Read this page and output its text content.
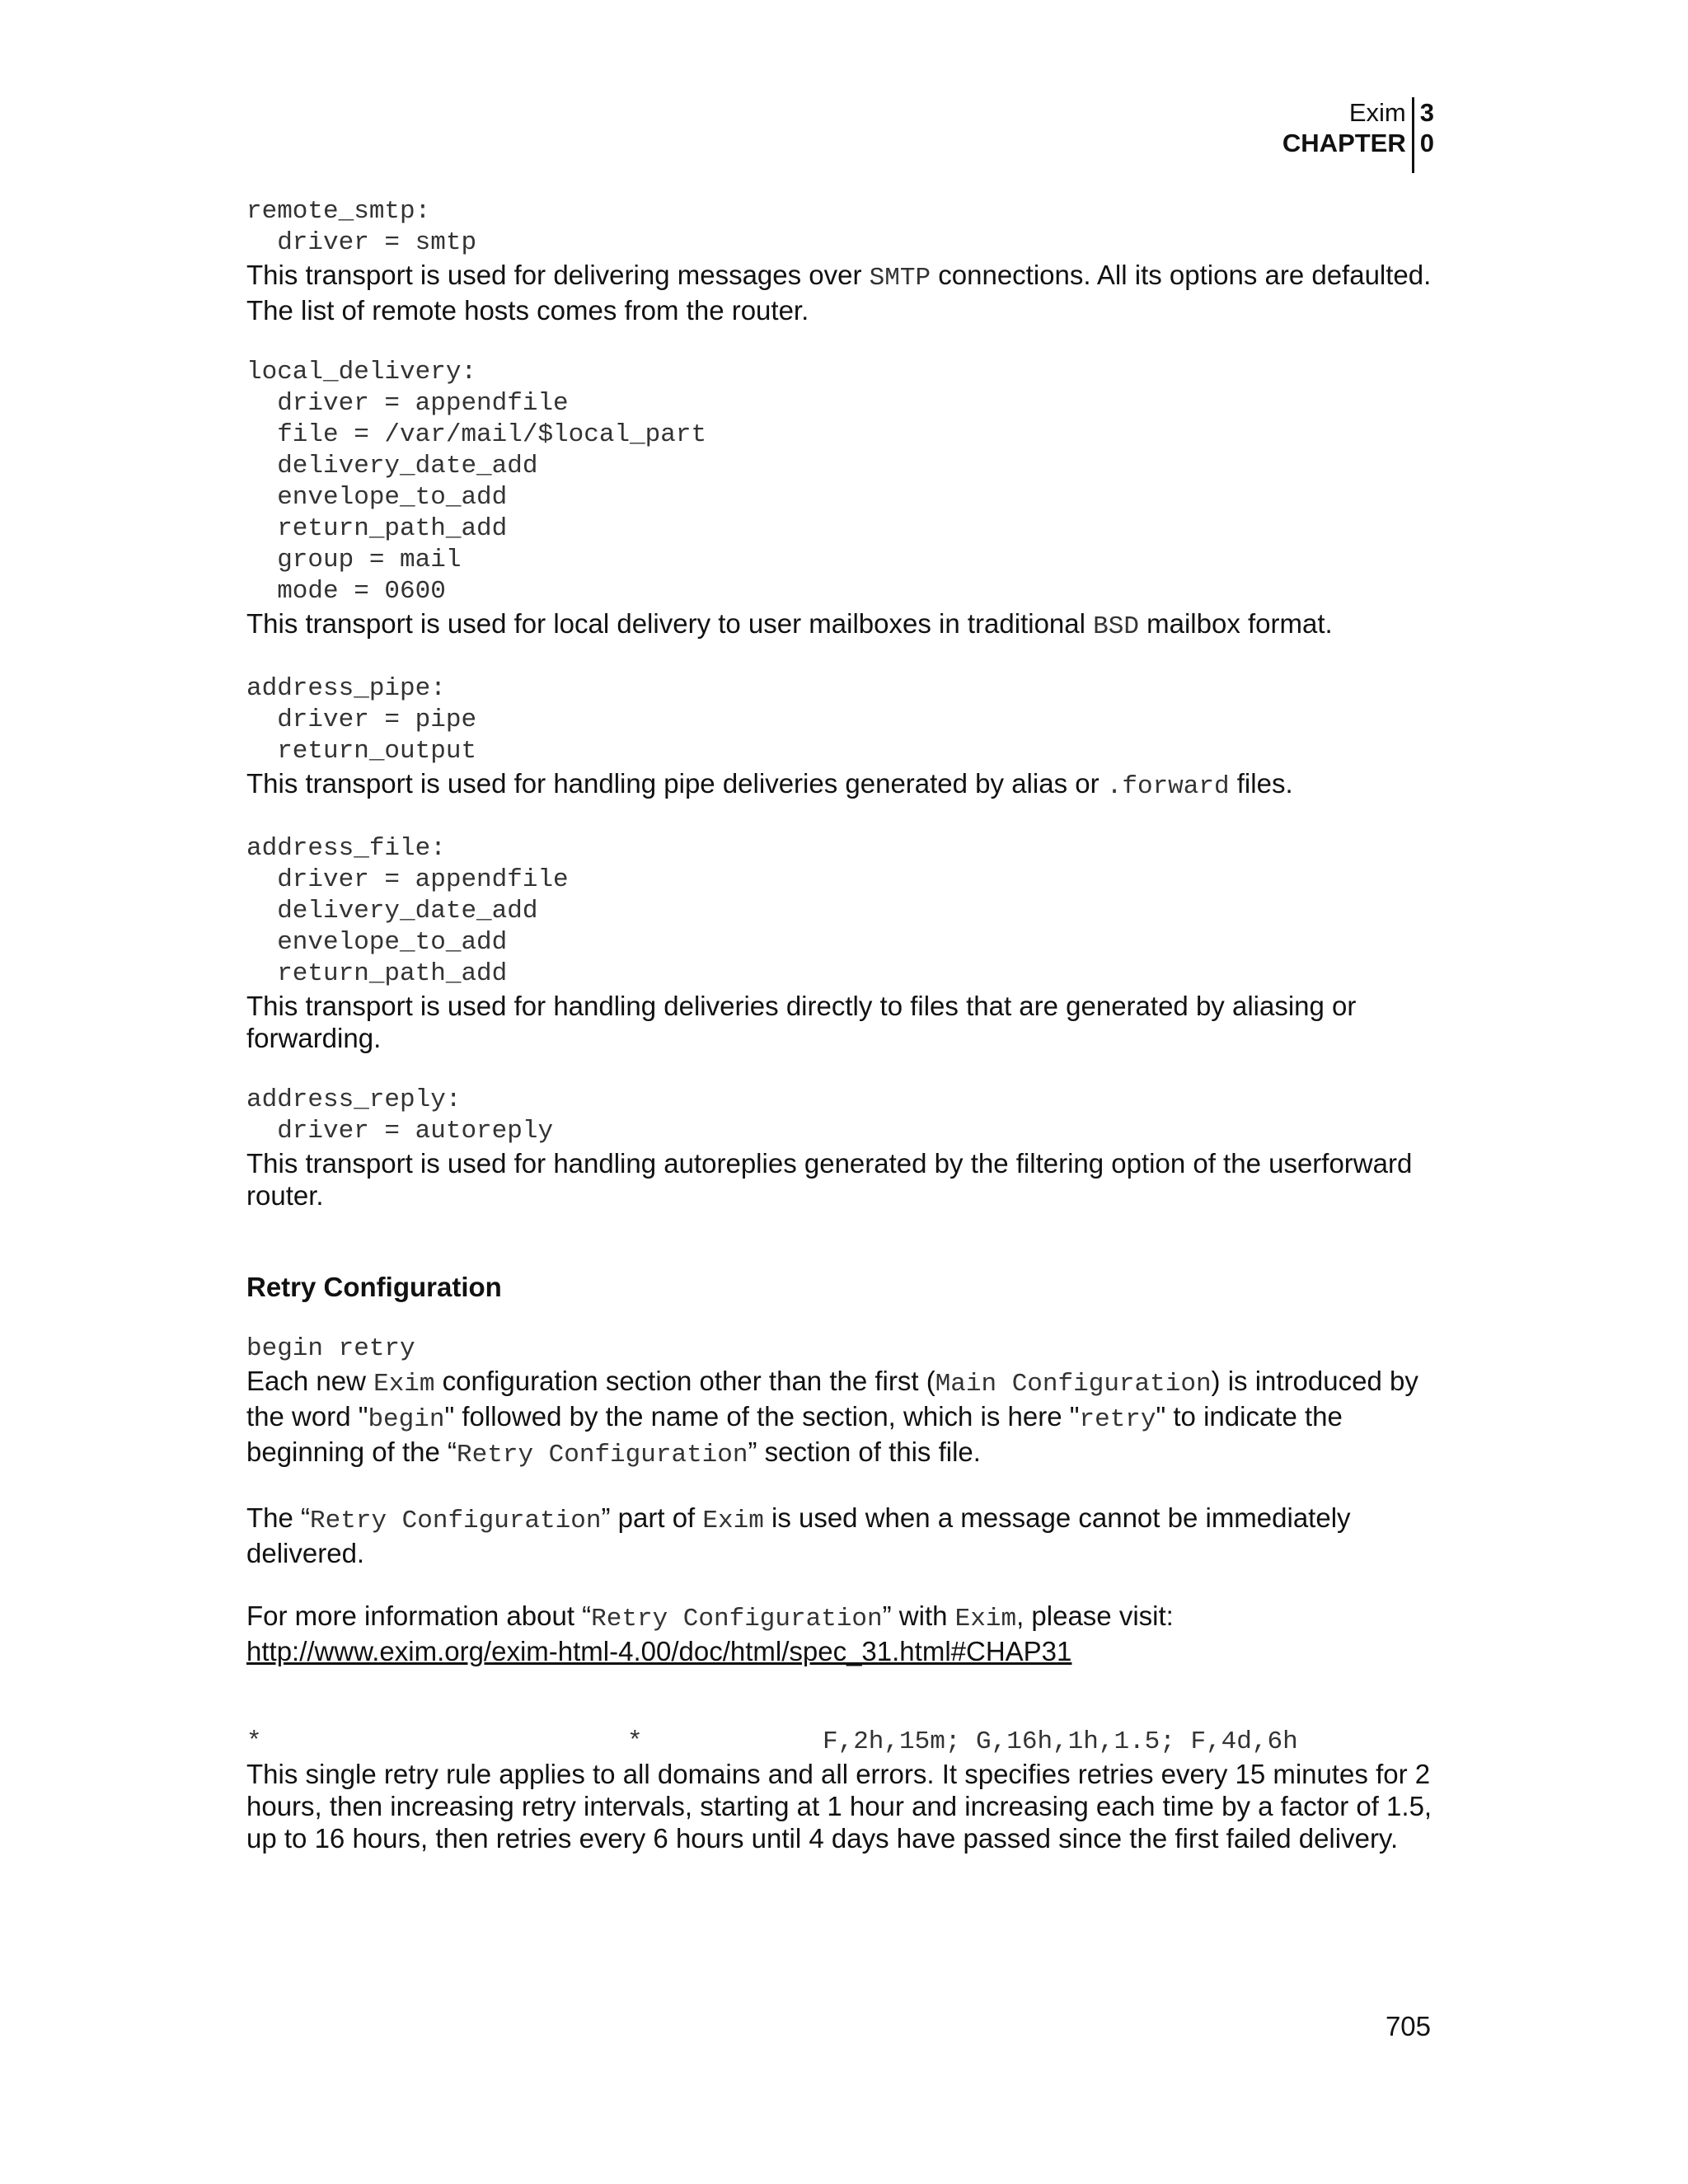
Exim
CHAPTER
3
0
remote_smtp:
driver = smtp

This transport is used for delivering messages over SMTP connections. All its options are defaulted. The list of remote hosts comes from the router.

local_delivery:
driver = appendfile
file = /var/mail/$local_part
delivery_date_add
envelope_to_add
return_path_add
group = mail
mode = 0600

This transport is used for local delivery to user mailboxes in traditional BSD mailbox format.

address_pipe:
driver = pipe
return_output

This transport is used for handling pipe deliveries generated by alias or .forward files.

address_file:
driver = appendfile
delivery_date_add
envelope_to_add
return_path_add

This transport is used for handling deliveries directly to files that are generated by aliasing or forwarding.

address_reply:
driver = autoreply

This transport is used for handling autoreplies generated by the filtering option of the userforward router.

Retry Configuration

begin retry

Each new Exim configuration section other than the first (Main Configuration) is introduced by the word "begin" followed by the name of the section, which is here "retry" to indicate the beginning of the “Retry Configuration” section of this file.

The “Retry Configuration” part of Exim is used when a message cannot be immediately delivered.

For more information about “Retry Configuration” with Exim, please visit:
http://www.exim.org/exim-html-4.00/doc/html/spec_31.html#CHAP31

*	*	F,2h,15m; G,16h,1h,1.5; F,4d,6h

This single retry rule applies to all domains and all errors. It specifies retries every 15 minutes for 2 hours, then increasing retry intervals, starting at 1 hour and increasing each time by a factor of 1.5, up to 16 hours, then retries every 6 hours until 4 days have passed since the first failed delivery.

705
